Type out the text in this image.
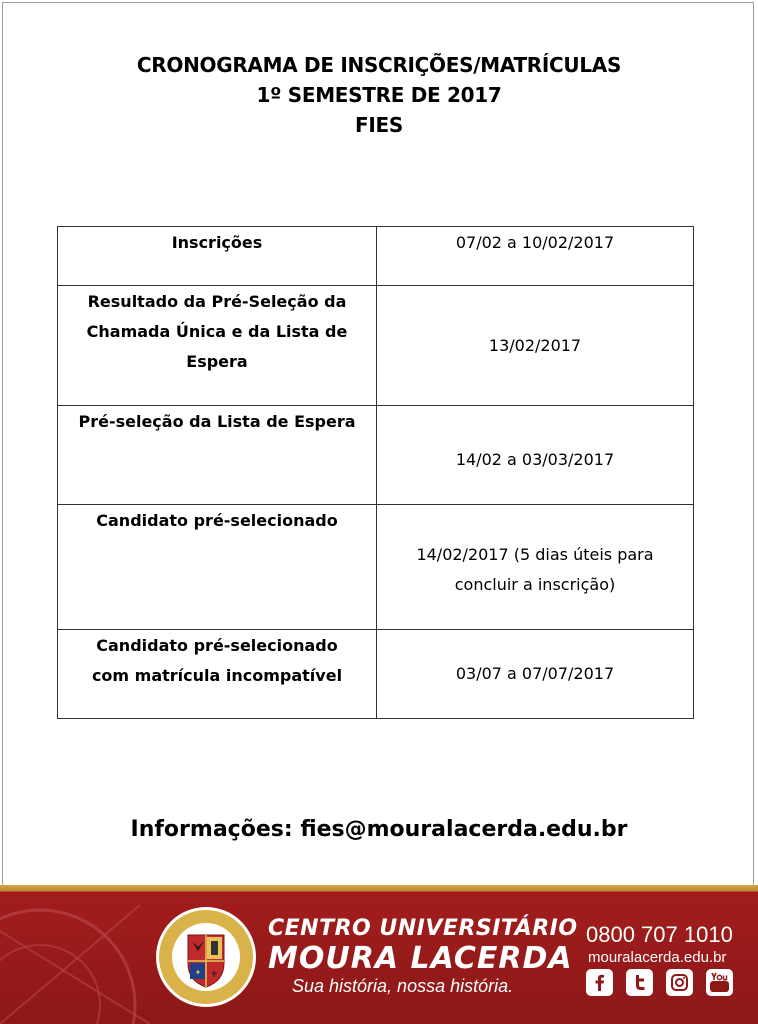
CRONOGRAMA DE INSCRIÇÕES/MATRÍCULAS
1º SEMESTRE DE 2017
FIES
Inscrições	07/02 a 10/02/2017

Resultado da Pré-Seleção da
Chamada Única e da Lista de
Espera	13/02/2017
Pré-seleção da Lista de Espera	14/02 a 03/03/2017
Candidato pré-selecionado	14/02/2017 (5 dias úteis para
concluir a inscrição)

Candidato pré-selecionado
com matrícula incompatível	03/07 a 07/07/2017
Informações: fies@mouralacerda.edu.br
✦ ⚜
CENTRO UNIVERSITÁRIO
MOURA LACERDA
Sua história, nossa história.
0800 707 1010
mouralacerda.edu.br
